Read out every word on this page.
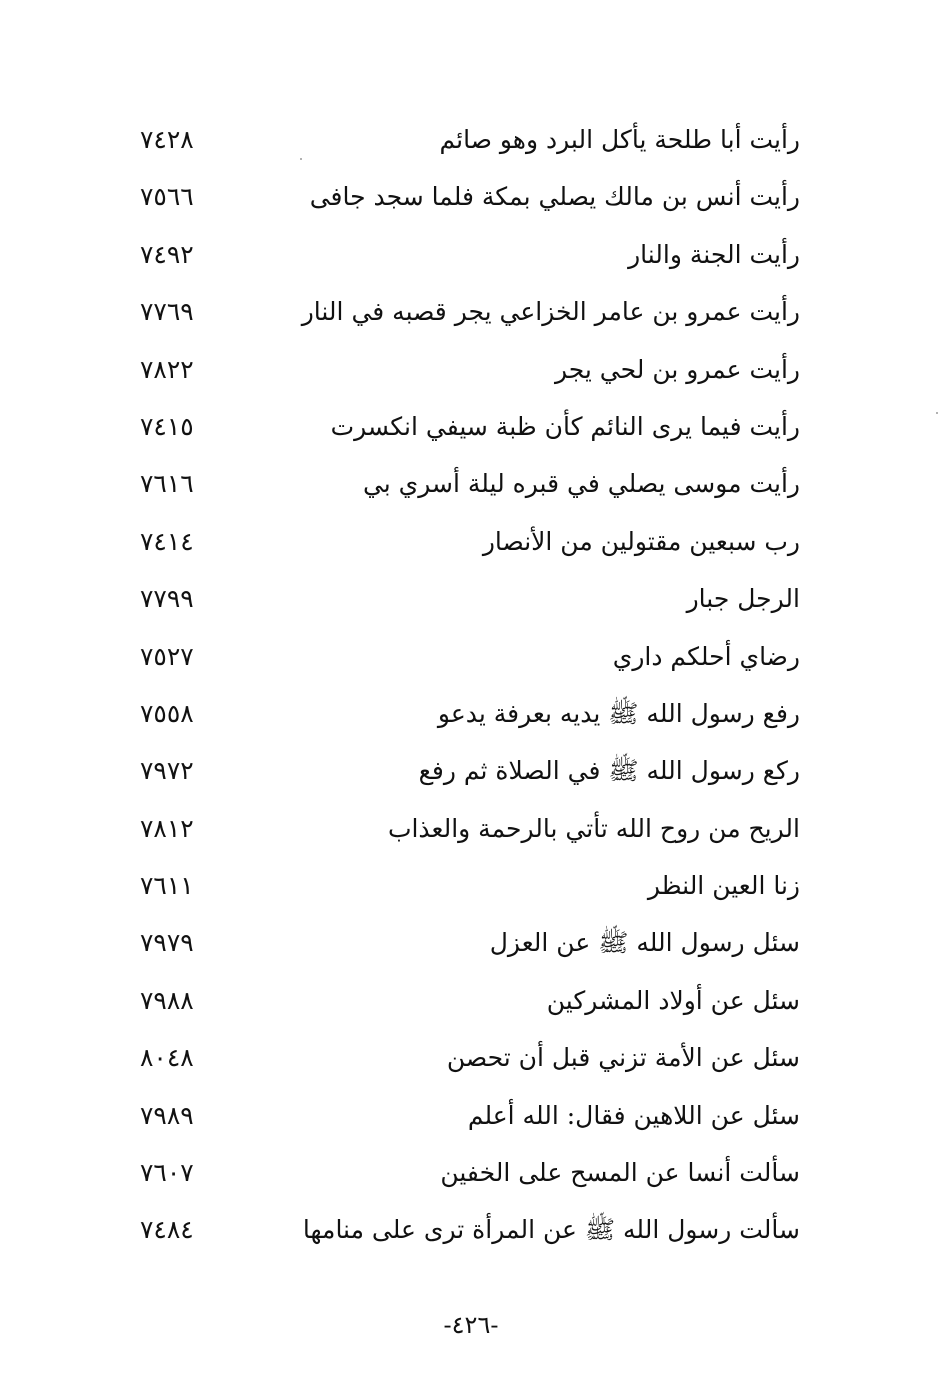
رأيت أبا طلحة يأكل البرد وهو صائم
٧٤٢٨
رأيت أنس بن مالك يصلي بمكة فلما سجد جافى
٧٥٦٦
رأيت الجنة والنار
٧٤٩٢
رأيت عمرو بن عامر الخزاعي يجر قصبه في النار
٧٧٦٩
رأيت عمرو بن لحي يجر
٧٨٢٢
رأيت فيما يرى النائم كأن ظبة سيفي انكسرت
٧٤١٥
رأيت موسى يصلي في قبره ليلة أسري بي
٧٦١٦
رب سبعين مقتولين من الأنصار
٧٤١٤
الرجل جبار
٧٧٩٩
رضاي أحلكم داري
٧٥٢٧
رفع رسول الله ﷺ يديه بعرفة يدعو
٧٥٥٨
ركع رسول الله ﷺ في الصلاة ثم رفع
٧٩٧٢
الريح من روح الله تأتي بالرحمة والعذاب
٧٨١٢
زنا العين النظر
٧٦١١
سئل رسول الله ﷺ عن العزل
٧٩٧٩
سئل عن أولاد المشركين
٧٩٨٨
سئل عن الأمة تزني قبل أن تحصن
٨٠٤٨
سئل عن اللاهين فقال: الله أعلم
٧٩٨٩
سألت أنسا عن المسح على الخفين
٧٦٠٧
سألت رسول الله ﷺ عن المرأة ترى على منامها
٧٤٨٤
-٤٢٦-
